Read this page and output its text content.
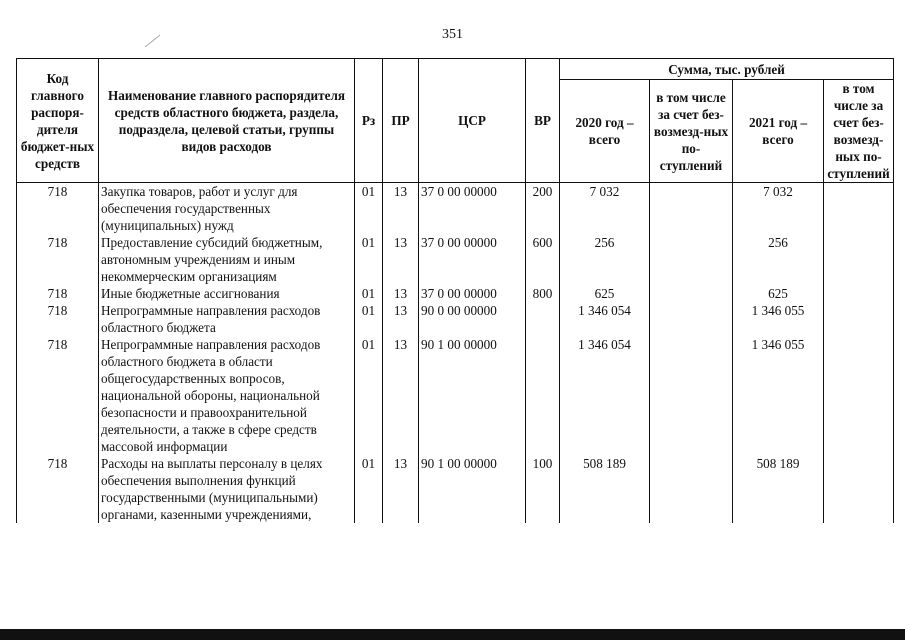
351
Код главного распоря-дителя бюджет-ных средств	Наименование главного распорядителя средств областного бюджета, раздела, подраздела, целевой статьи, группы видов расходов	Рз	ПР	ЦСР	ВР	Сумма, тыс. рублей			
						2020 год – всего	в том числе за счет без-возмезд-ных по-ступлений	2021 год – всего	в том числе за счет без-возмезд-ных по-ступлений
718	Закупка товаров, работ и услуг для обеспечения государственных (муниципальных) нужд	01	13	37 0 00 00000	200	7 032		7 032	
718	Предоставление субсидий бюджетным, автономным учреждениям и иным некоммерческим организациям	01	13	37 0 00 00000	600	256		256	
718	Иные бюджетные ассигнования	01	13	37 0 00 00000	800	625		625	
718	Непрограммные направления расходов областного бюджета	01	13	90 0 00 00000		1 346 054		1 346 055	
718	Непрограммные направления расходов областного бюджета в области общегосударственных вопросов, национальной обороны, национальной безопасности и правоохранительной деятельности, а также в сфере средств массовой информации	01	13	90 1 00 00000		1 346 054		1 346 055	
718	Расходы на выплаты персоналу в целях обеспечения выполнения функций государственными (муниципальными) органами, казенными учреждениями,	01	13	90 1 00 00000	100	508 189		508 189	
